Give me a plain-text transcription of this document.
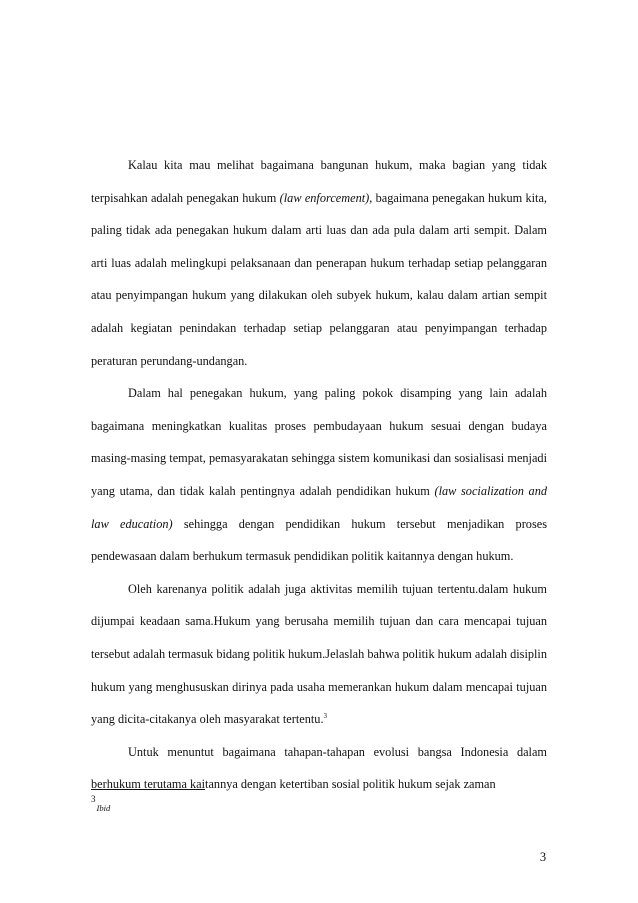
Kalau kita mau melihat bagaimana bangunan hukum, maka bagian yang tidak terpisahkan adalah penegakan hukum (law enforcement), bagaimana penegakan hukum kita, paling tidak ada penegakan hukum dalam arti luas dan ada pula dalam arti sempit. Dalam arti luas adalah melingkupi pelaksanaan dan penerapan hukum terhadap setiap pelanggaran atau penyimpangan hukum yang dilakukan oleh subyek hukum, kalau dalam artian sempit adalah kegiatan penindakan terhadap setiap pelanggaran atau penyimpangan terhadap peraturan perundang-undangan.

Dalam hal penegakan hukum, yang paling pokok disamping yang lain adalah bagaimana meningkatkan kualitas proses pembudayaan hukum sesuai dengan budaya masing-masing tempat, pemasyarakatan sehingga sistem komunikasi dan sosialisasi menjadi yang utama, dan tidak kalah pentingnya adalah pendidikan hukum (law socialization and law education) sehingga dengan pendidikan hukum tersebut menjadikan proses pendewasaan dalam berhukum termasuk pendidikan politik kaitannya dengan hukum.

Oleh karenanya politik adalah juga aktivitas memilih tujuan tertentu.dalam hukum dijumpai keadaan sama.Hukum yang berusaha memilih tujuan dan cara mencapai tujuan tersebut adalah termasuk bidang politik hukum.Jelaslah bahwa politik hukum adalah disiplin hukum yang menghususkan dirinya pada usaha memerankan hukum dalam mencapai tujuan yang dicita-citakanya oleh masyarakat tertentu.$^3$

Untuk menuntut bagaimana tahapan-tahapan evolusi bangsa Indonesia dalam berhukum terutama kaitannya dengan ketertiban sosial politik hukum sejak zaman

3Ibid
3
